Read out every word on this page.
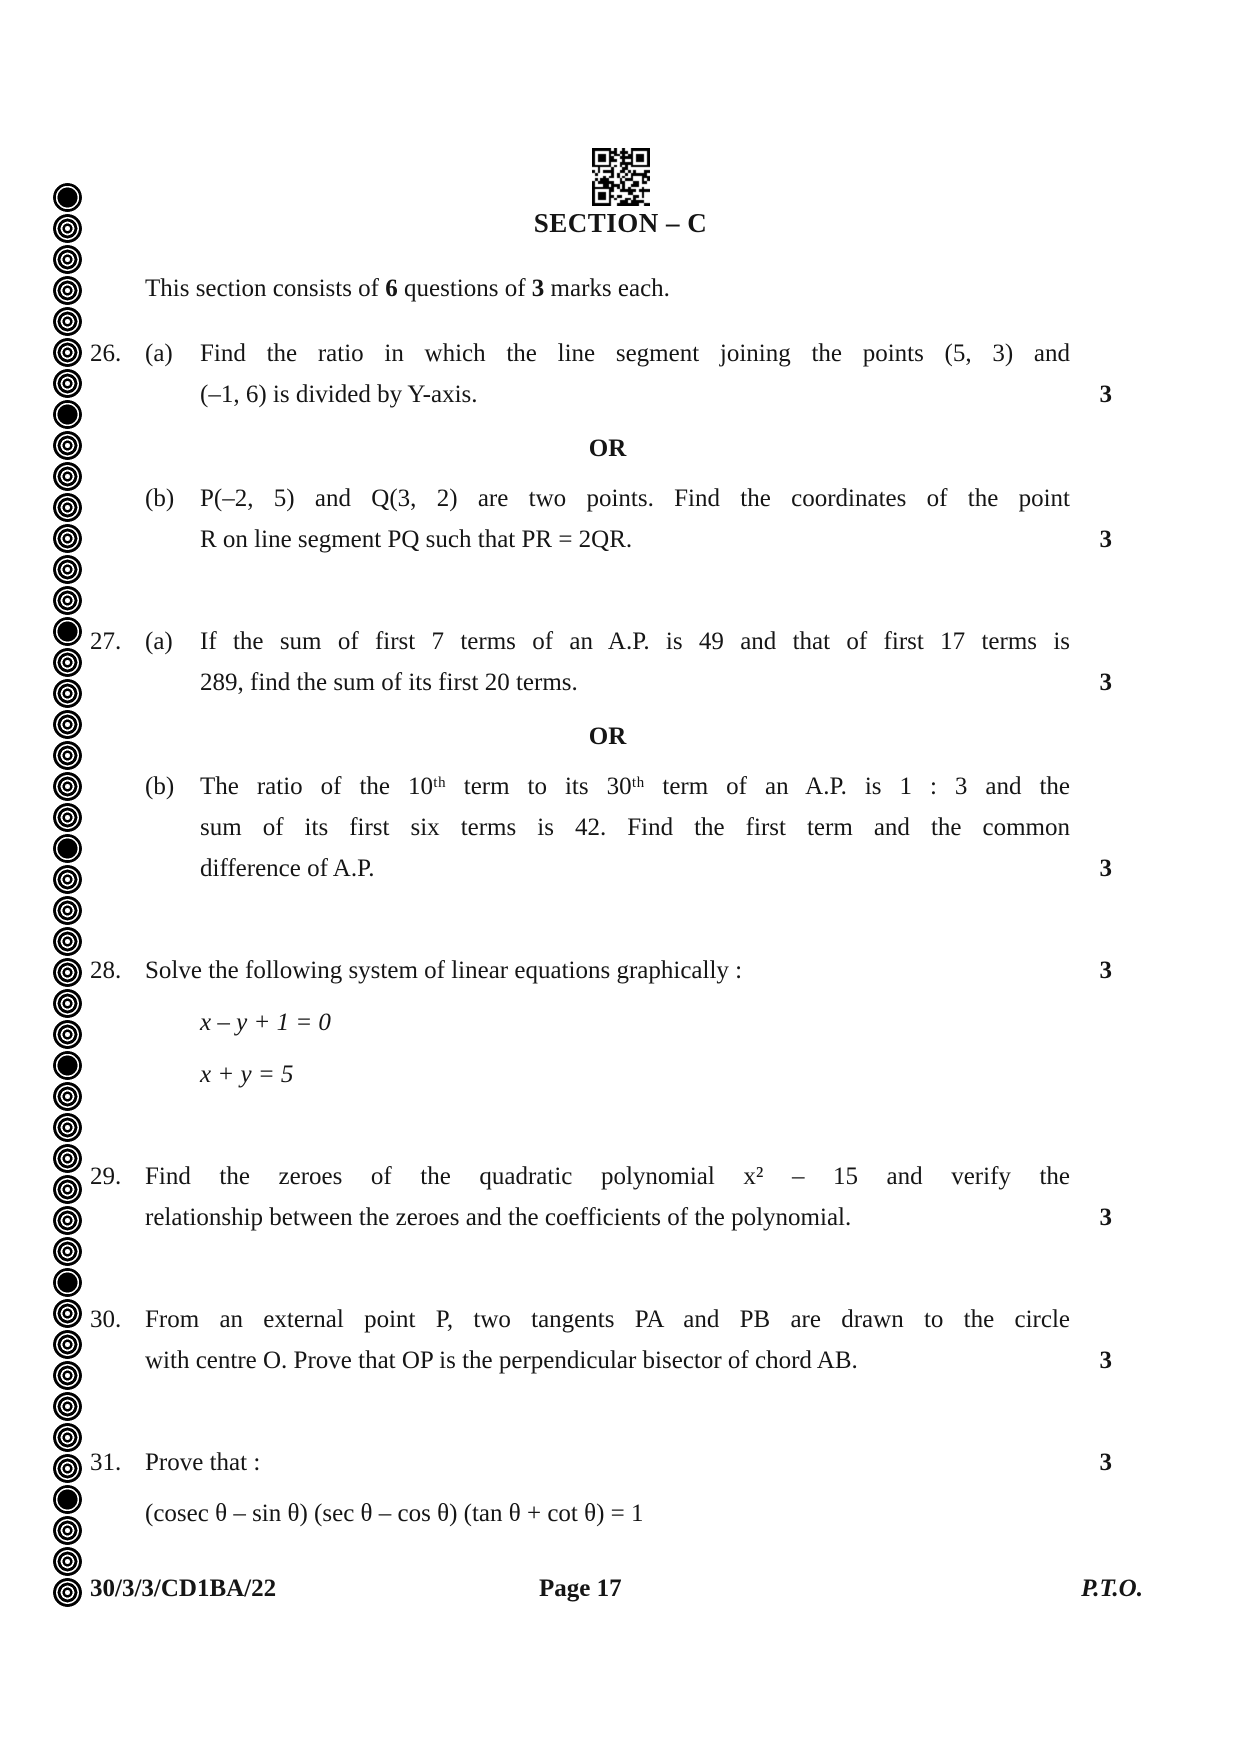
SECTION – C
This section consists of 6 questions of 3 marks each.
26. (a)	Find the ratio in which the line segment joining the points (5, 3) and
(–1, 6) is divided by Y-axis.	3
OR
(b)	P(–2, 5) and Q(3, 2) are two points. Find the coordinates of the point
R on line segment PQ such that PR = 2QR.	3
27. (a)	If the sum of first 7 terms of an A.P. is 49 and that of first 17 terms is
289, find the sum of its first 20 terms.	3
OR
(b)	The ratio of the 10ᵗʰ term to its 30ᵗʰ term of an A.P. is 1 : 3 and the
sum of its first six terms is 42. Find the first term and the common
difference of A.P.	3
28. Solve the following system of linear equations graphically :
x – y + 1 = 0
x + y = 5
3
29. Find the zeroes of the quadratic polynomial x² – 15 and verify the
relationship between the zeroes and the coefficients of the polynomial.	3
30. From an external point P, two tangents PA and PB are drawn to the circle
with centre O. Prove that OP is the perpendicular bisector of chord AB.	3
31. Prove that :
(cosec θ – sin θ) (sec θ – cos θ) (tan θ + cot θ) = 1
3
30/3/3/CD1BA/22	Page 17	P.T.O.
